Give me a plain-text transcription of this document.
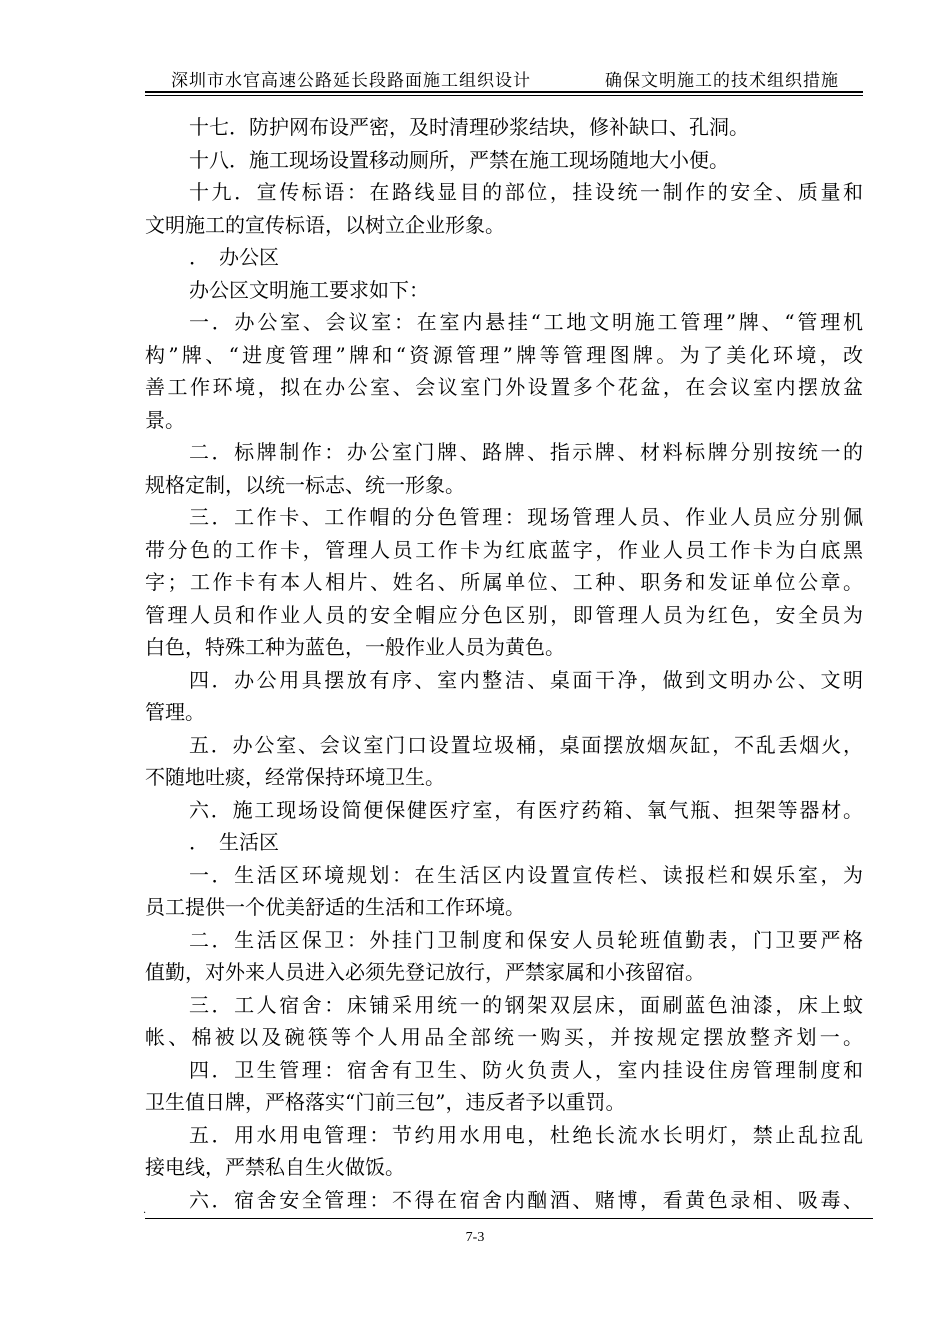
深圳市水官高速公路延长段路面施工组织设计	确保文明施工的技术组织措施
十七．防护网布设严密，及时清理砂浆结块，修补缺口、孔洞。
十八．施工现场设置移动厕所，严禁在施工现场随地大小便。
十九．宣传标语：在路线显目的部位，挂设统一制作的安全、质量和
文明施工的宣传标语，以树立企业形象。
．　办公区
办公区文明施工要求如下：
一．办公室、会议室：在室内悬挂“工地文明施工管理”牌、“管理机
构”牌、“进度管理”牌和“资源管理”牌等管理图牌。为了美化环境，改
善工作环境，拟在办公室、会议室门外设置多个花盆，在会议室内摆放盆
景。
二．标牌制作：办公室门牌、路牌、指示牌、材料标牌分别按统一的
规格定制，以统一标志、统一形象。
三．工作卡、工作帽的分色管理：现场管理人员、作业人员应分别佩
带分色的工作卡，管理人员工作卡为红底蓝字，作业人员工作卡为白底黑
字；工作卡有本人相片、姓名、所属单位、工种、职务和发证单位公章。
管理人员和作业人员的安全帽应分色区别，即管理人员为红色，安全员为
白色，特殊工种为蓝色，一般作业人员为黄色。
四．办公用具摆放有序、室内整洁、桌面干净，做到文明办公、文明
管理。
五．办公室、会议室门口设置垃圾桶，桌面摆放烟灰缸，不乱丢烟火，
不随地吐痰，经常保持环境卫生。
六．施工现场设简便保健医疗室，有医疗药箱、氧气瓶、担架等器材。
．　生活区
一．生活区环境规划：在生活区内设置宣传栏、读报栏和娱乐室，为
员工提供一个优美舒适的生活和工作环境。
二．生活区保卫：外挂门卫制度和保安人员轮班值勤表，门卫要严格
值勤，对外来人员进入必须先登记放行，严禁家属和小孩留宿。
三．工人宿舍：床铺采用统一的钢架双层床，面刷蓝色油漆，床上蚊
帐、棉被以及碗筷等个人用品全部统一购买，并按规定摆放整齐划一。
四．卫生管理：宿舍有卫生、防火负责人，室内挂设住房管理制度和
卫生值日牌，严格落实“门前三包”，违反者予以重罚。
五．用水用电管理：节约用水用电，杜绝长流水长明灯，禁止乱拉乱
接电线，严禁私自生火做饭。
六．宿舍安全管理：不得在宿舍内酗酒、赌博，看黄色录相、吸毒、
.
7-3
